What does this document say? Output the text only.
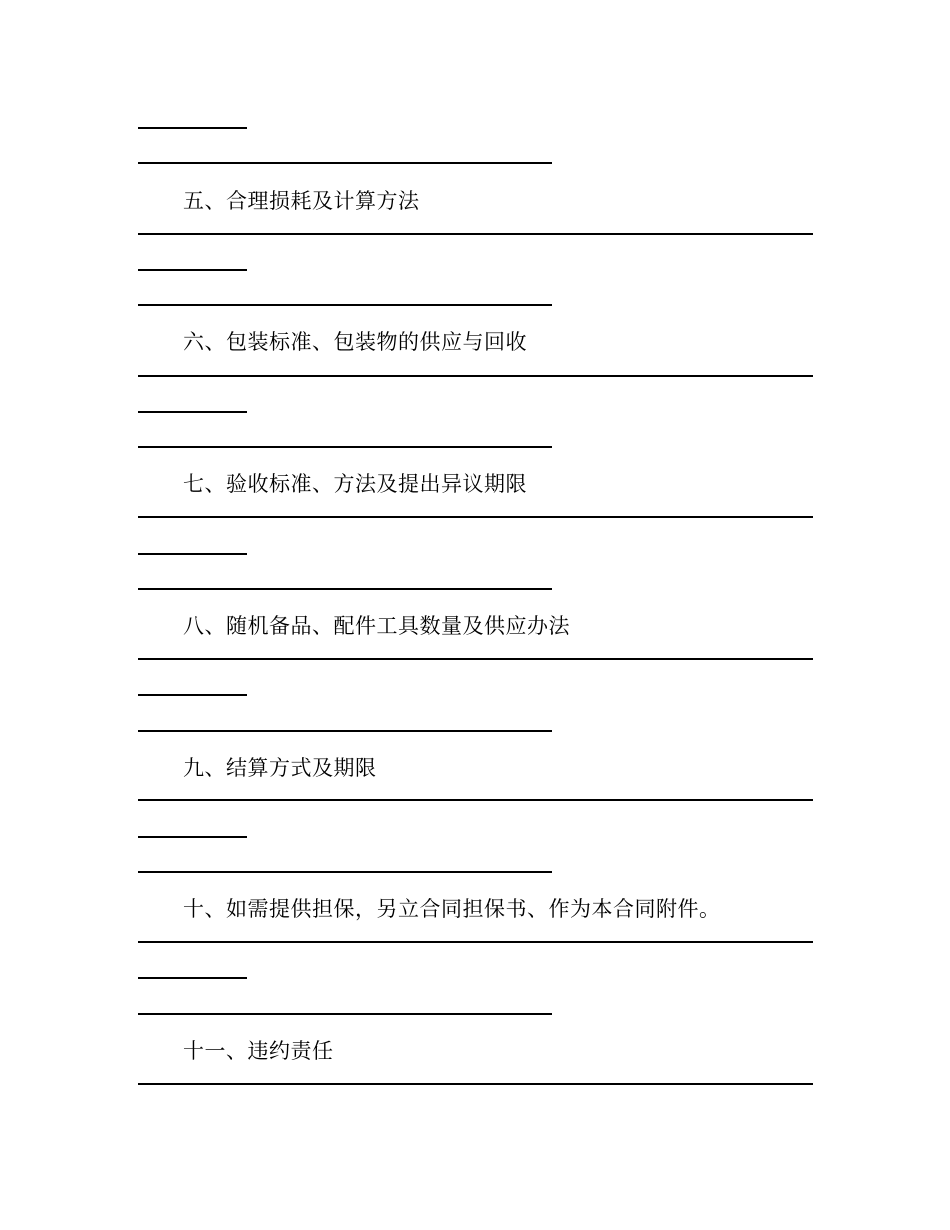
五、合理损耗及计算方法
六、包装标准、包装物的供应与回收
七、验收标准、方法及提出异议期限
八、随机备品、配件工具数量及供应办法
九、结算方式及期限
十、如需提供担保，另立合同担保书、作为本合同附件。
十一、违约责任
